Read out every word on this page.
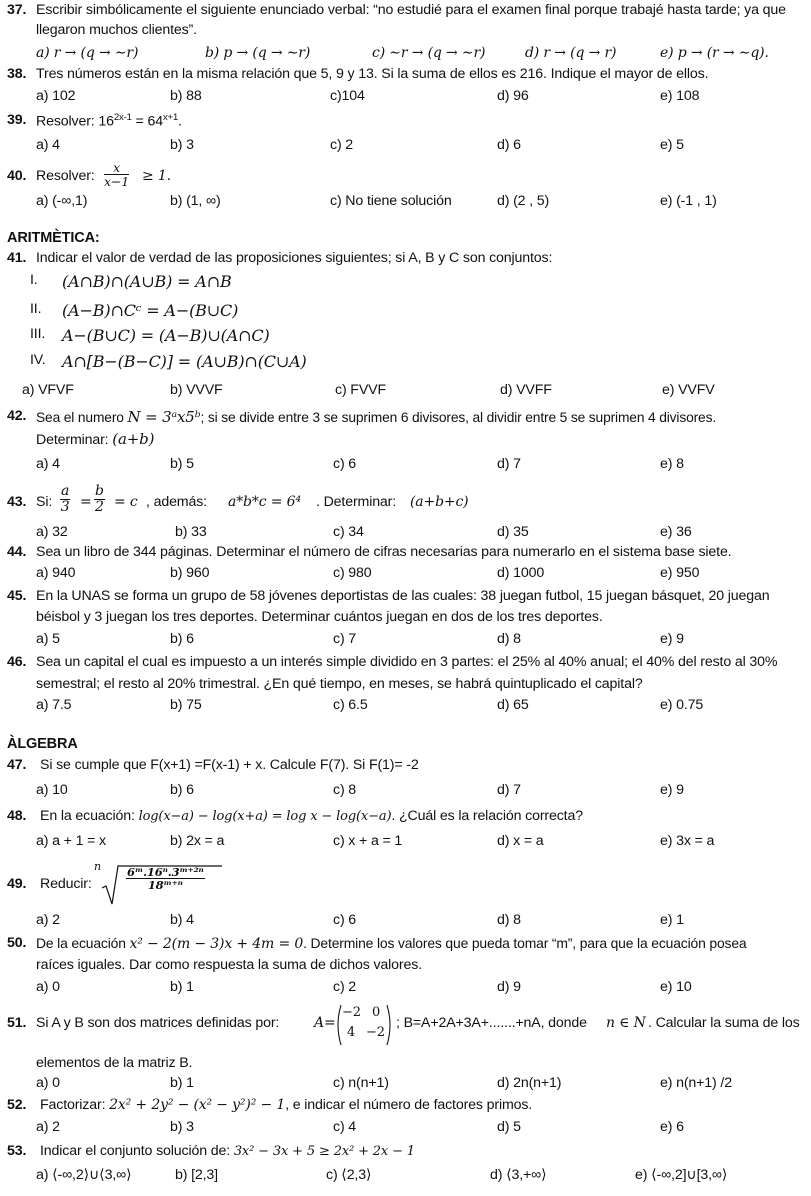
37. Escribir simbólicamente el siguiente enunciado verbal: “no estudié para el examen final porque trabajé hasta tarde; ya que
llegaron muchos clientes”.
a) r → (q → ∼r)	b) p → (q → ∼r)	c) ∼r → (q → ∼r)	d) r → (q → r)	e) p → (r → ∼q).
38. Tres números están en la misma relación que 5, 9 y 13. Si la suma de ellos es 216. Indique el mayor de ellos.
a) 102	b) 88	c)104	d) 96	e) 108
39. Resolver: $16^{2x-1} = 64^{x+1}$.
a) 4	b) 3	c) 2	d) 6	e) 5
40. Resolver: $\frac{x}{x-1} \ge 1$.
a) (-∞,1)	b) (1, ∞)	c) No tiene solución	d) (2 , 5)	e) (-1 , 1)
ARITMÈTICA:
41. Indicar el valor de verdad de las proposiciones siguientes; si A, B y C son conjuntos:
I. (A∩B)∩(A∪B) = A∩B
II. (A−B)∩Cᶜ = A−(B∪C)
III. A−(B∪C) = (A−B)∪(A∩C)
IV. A∩[B−(B−C)] = (A∪B)∩(C∪A)
a) VFVF	b) VVVF	c) FVVF	d) VVFF	e) VVFV
42. Sea el numero N = 3ᵃx5ᵇ; si se divide entre 3 se suprimen 6 divisores, al dividir entre 5 se suprimen 4 divisores.
Determinar: (a+b)
a) 4	b) 5	c) 6	d) 7	e) 8
43. Si: $\frac{a}{3} = \frac{b}{2} = c$ , además: a*b*c = 6⁴ . Determinar: (a+b+c)
a) 32	b) 33	c) 34	d) 35	e) 36
44. Sea un libro de 344 páginas. Determinar el número de cifras necesarias para numerarlo en el sistema base siete.
a) 940	b) 960	c) 980	d) 1000	e) 950
45. En la UNAS se forma un grupo de 58 jóvenes deportistas de las cuales: 38 juegan futbol, 15 juegan básquet, 20 juegan
béisbol y 3 juegan los tres deportes. Determinar cuántos juegan en dos de los tres deportes.
a) 5	b) 6	c) 7	d) 8	e) 9
46. Sea un capital el cual es impuesto a un interés simple dividido en 3 partes: el 25% al 40% anual; el 40% del resto al 30%
semestral; el resto al 20% trimestral. ¿En qué tiempo, en meses, se habrá quintuplicado el capital?
a) 7.5	b) 75	c) 6.5	d) 65	e) 0.75
ÀLGEBRA
47. Si se cumple que F(x+1) =F(x-1) + x. Calcule F(7). Si F(1)= -2
a) 10	b) 6	c) 8	d) 7	e) 9
48. En la ecuación: log(x−a) − log(x+a) = log x − log(x−a). ¿Cuál es la relación correcta?
a) a + 1 = x	b) 2x = a	c) x + a = 1	d) x = a	e) 3x = a
49. Reducir:
n $\frac{\text{6ᵐ.16ⁿ.3ᵐ⁺²ⁿ}}{\text{18ᵐ⁺ⁿ}}$
a) 2	b) 4	c) 6	d) 8	e) 1
50. De la ecuación x² − 2(m − 3)x + 4m = 0. Determine los valores que pueda tomar “m”, para que la ecuación posea
raíces iguales. Dar como respuesta la suma de dichos valores.
a) 0	b) 1	c) 2	d) 9	e) 10
51. Si A y B son dos matrices definidas por: A=
−2 0
4 −2
; B=A+2A+3A+.......+nA, donde n ∈ N . Calcular la suma de los
elementos de la matriz B.
a) 0	b) 1	c) n(n+1)	d) 2n(n+1)	e) n(n+1) /2
52. Factorizar: 2x² + 2y² − (x² − y²)² − 1, e indicar el número de factores primos.
a) 2	b) 3	c) 4	d) 5	e) 6
53. Indicar el conjunto solución de: 3x² − 3x + 5 ≥ 2x² + 2x − 1
a) ⟨-∞,2⟩∪⟨3,∞⟩	b) [2,3]	c) ⟨2,3⟩	d) ⟨3,+∞⟩	e) ⟨-∞,2]∪[3,∞⟩
